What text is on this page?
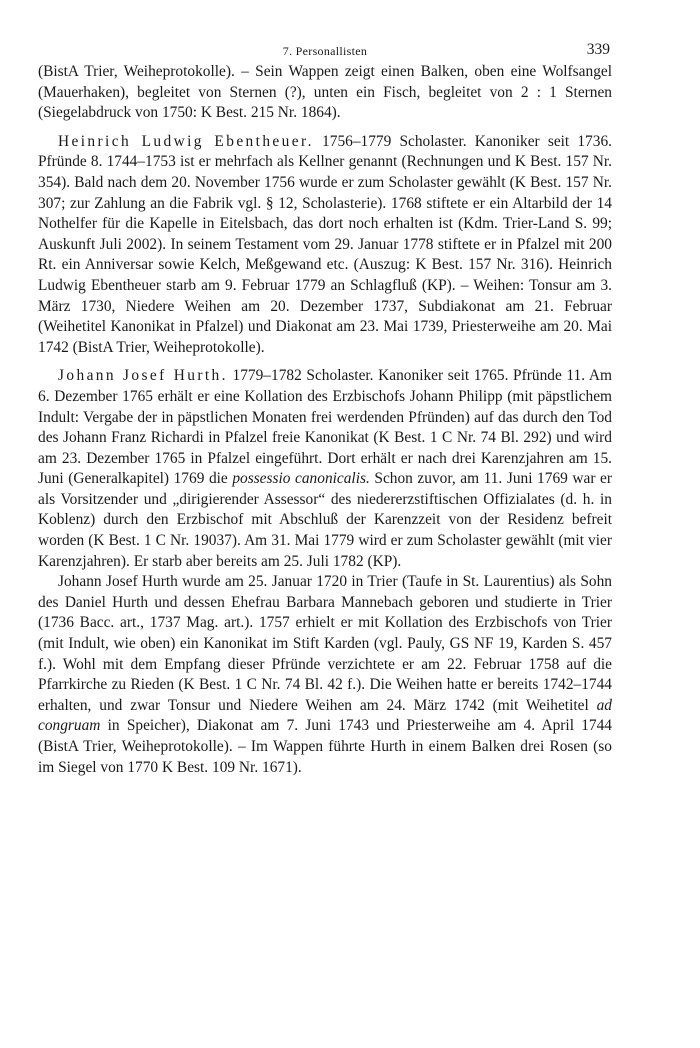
7. Personallisten	339

(BistA Trier, Weiheprotokolle). – Sein Wappen zeigt einen Balken, oben eine Wolfsangel (Mauerhaken), begleitet von Sternen (?), unten ein Fisch, begleitet von 2 : 1 Sternen (Siegelabdruck von 1750: K Best. 215 Nr. 1864).

Heinrich Ludwig Ebentheuer. 1756–1779 Scholaster. Kanoniker seit 1736. Pfründe 8. 1744–1753 ist er mehrfach als Kellner genannt (Rechnungen und K Best. 157 Nr. 354). Bald nach dem 20. November 1756 wurde er zum Scholaster gewählt (K Best. 157 Nr. 307; zur Zahlung an die Fabrik vgl. § 12, Scholasterie). 1768 stiftete er ein Altarbild der 14 Nothelfer für die Kapelle in Eitelsbach, das dort noch erhalten ist (Kdm. Trier-Land S. 99; Auskunft Juli 2002). In seinem Testament vom 29. Januar 1778 stiftete er in Pfalzel mit 200 Rt. ein Anniversar sowie Kelch, Meßgewand etc. (Auszug: K Best. 157 Nr. 316). Heinrich Ludwig Ebentheuer starb am 9. Februar 1779 an Schlagfluß (KP). – Weihen: Tonsur am 3. März 1730, Niedere Weihen am 20. Dezember 1737, Subdiakonat am 21. Februar (Weihetitel Kanonikat in Pfalzel) und Diakonat am 23. Mai 1739, Priesterweihe am 20. Mai 1742 (BistA Trier, Weiheprotokolle).

Johann Josef Hurth. 1779–1782 Scholaster. Kanoniker seit 1765. Pfründe 11. Am 6. Dezember 1765 erhält er eine Kollation des Erzbischofs Johann Philipp (mit päpstlichem Indult: Vergabe der in päpstlichen Monaten frei werdenden Pfründen) auf das durch den Tod des Johann Franz Richardi in Pfalzel freie Kanonikat (K Best. 1 C Nr. 74 Bl. 292) und wird am 23. Dezember 1765 in Pfalzel eingeführt. Dort erhält er nach drei Karenzjahren am 15. Juni (Generalkapitel) 1769 die possessio canonicalis. Schon zuvor, am 11. Juni 1769 war er als Vorsitzender und „dirigierender Assessor“ des niedererzstiftischen Offizialates (d. h. in Koblenz) durch den Erzbischof mit Abschluß der Karenzzeit von der Residenz befreit worden (K Best. 1 C Nr. 19037). Am 31. Mai 1779 wird er zum Scholaster gewählt (mit vier Karenzjahren). Er starb aber bereits am 25. Juli 1782 (KP).

Johann Josef Hurth wurde am 25. Januar 1720 in Trier (Taufe in St. Laurentius) als Sohn des Daniel Hurth und dessen Ehefrau Barbara Mannebach geboren und studierte in Trier (1736 Bacc. art., 1737 Mag. art.). 1757 erhielt er mit Kollation des Erzbischofs von Trier (mit Indult, wie oben) ein Kanonikat im Stift Karden (vgl. Pauly, GS NF 19, Karden S. 457 f.). Wohl mit dem Empfang dieser Pfründe verzichtete er am 22. Februar 1758 auf die Pfarrkirche zu Rieden (K Best. 1 C Nr. 74 Bl. 42 f.). Die Weihen hatte er bereits 1742–1744 erhalten, und zwar Tonsur und Niedere Weihen am 24. März 1742 (mit Weihetitel ad congruam in Speicher), Diakonat am 7. Juni 1743 und Priesterweihe am 4. April 1744 (BistA Trier, Weiheprotokolle). – Im Wappen führte Hurth in einem Balken drei Rosen (so im Siegel von 1770 K Best. 109 Nr. 1671).
